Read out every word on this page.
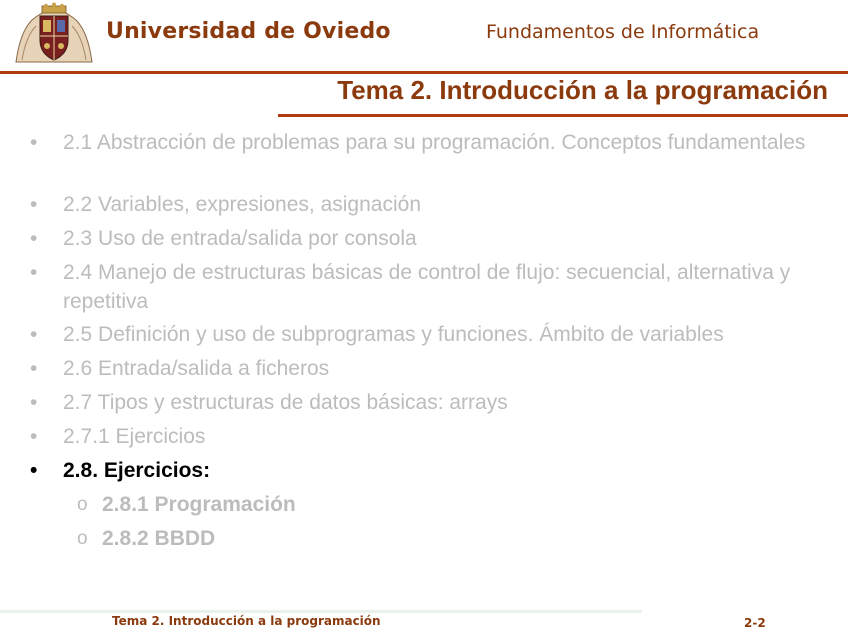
Universidad de Oviedo	Fundamentos de Informática
Tema 2. Introducción a la programación
• 2.1 Abstracción de problemas para su programación. Conceptos fundamentales
• 2.2 Variables, expresiones, asignación
• 2.3 Uso de entrada/salida por consola
• 2.4 Manejo de estructuras básicas de control de flujo: secuencial, alternativa y repetitiva
• 2.5 Definición y uso de subprogramas y funciones. Ámbito de variables
• 2.6 Entrada/salida a ficheros
• 2.7 Tipos y estructuras de datos básicas: arrays
• 2.7.1 Ejercicios
• 2.8. Ejercicios:
o 2.8.1 Programación
o 2.8.2 BBDD
Tema 2. Introducción a la programación	2-2
